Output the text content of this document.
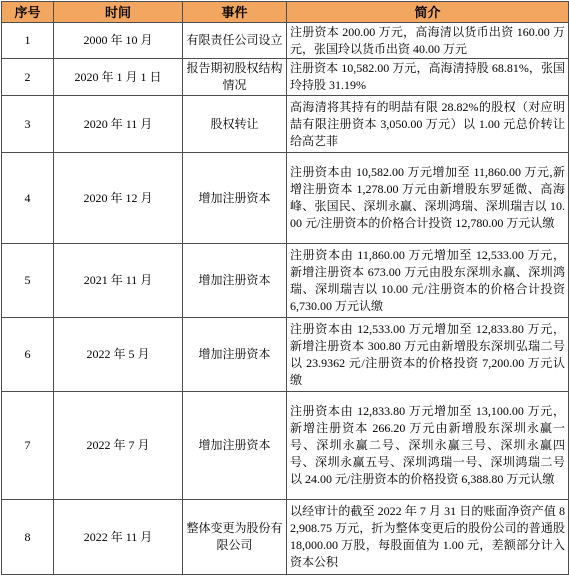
序号	时间	事件	简介
1	2000 年 10 月	有限责任公司设立	注册资本 200.00 万元，高海清以货币出资 160.00 万元，张国玲以货币出资 40.00 万元
2	2020 年 1 月 1 日	报告期初股权结构情况	注册资本 10,582.00 万元，高海清持股 68.81%，张国玲持股 31.19%
3	2020 年 11 月	股权转让	高海清将其持有的明喆有限 28.82%的股权（对应明喆有限注册资本 3,050.00 万元）以 1.00 元总价转让给高艺菲
4	2020 年 12 月	增加注册资本	注册资本由 10,582.00 万元增加至 11,860.00 万元,新增注册资本 1,278.00 万元由新增股东罗延微、高海峰、张国民、深圳永赢、深圳鸿瑞、深圳瑞吉以 10.00 元/注册资本的价格合计投资 12,780.00 万元认缴
5	2021 年 11 月	增加注册资本	注册资本由 11,860.00 万元增加至 12,533.00 万元，新增注册资本 673.00 万元由股东深圳永赢、深圳鸿瑞、深圳瑞吉以 10.00 元/注册资本的价格合计投资 6,730.00 万元认缴
6	2022 年 5 月	增加注册资本	注册资本由 12,533.00 万元增加至 12,833.80 万元，新增注册资本 300.80 万元由新增股东深圳弘瑞二号以 23.9362 元/注册资本的价格投资 7,200.00 万元认缴
7	2022 年 7 月	增加注册资本	注册资本由 12,833.80 万元增加至 13,100.00 万元，新增注册资本 266.20 万元由新增股东深圳永赢一号、深圳永赢二号、深圳永赢三号、深圳永赢四号、深圳永赢五号、深圳鸿瑞一号、深圳鸿瑞二号以 24.00 元/注册资本的价格投资 6,388.80 万元认缴
8	2022 年 11 月	整体变更为股份有限公司	以经审计的截至 2022 年 7 月 31 日的账面净资产值 82,908.75 万元，折为整体变更后的股份公司的普通股 18,000.00 万股，每股面值为 1.00 元，差额部分计入资本公积
